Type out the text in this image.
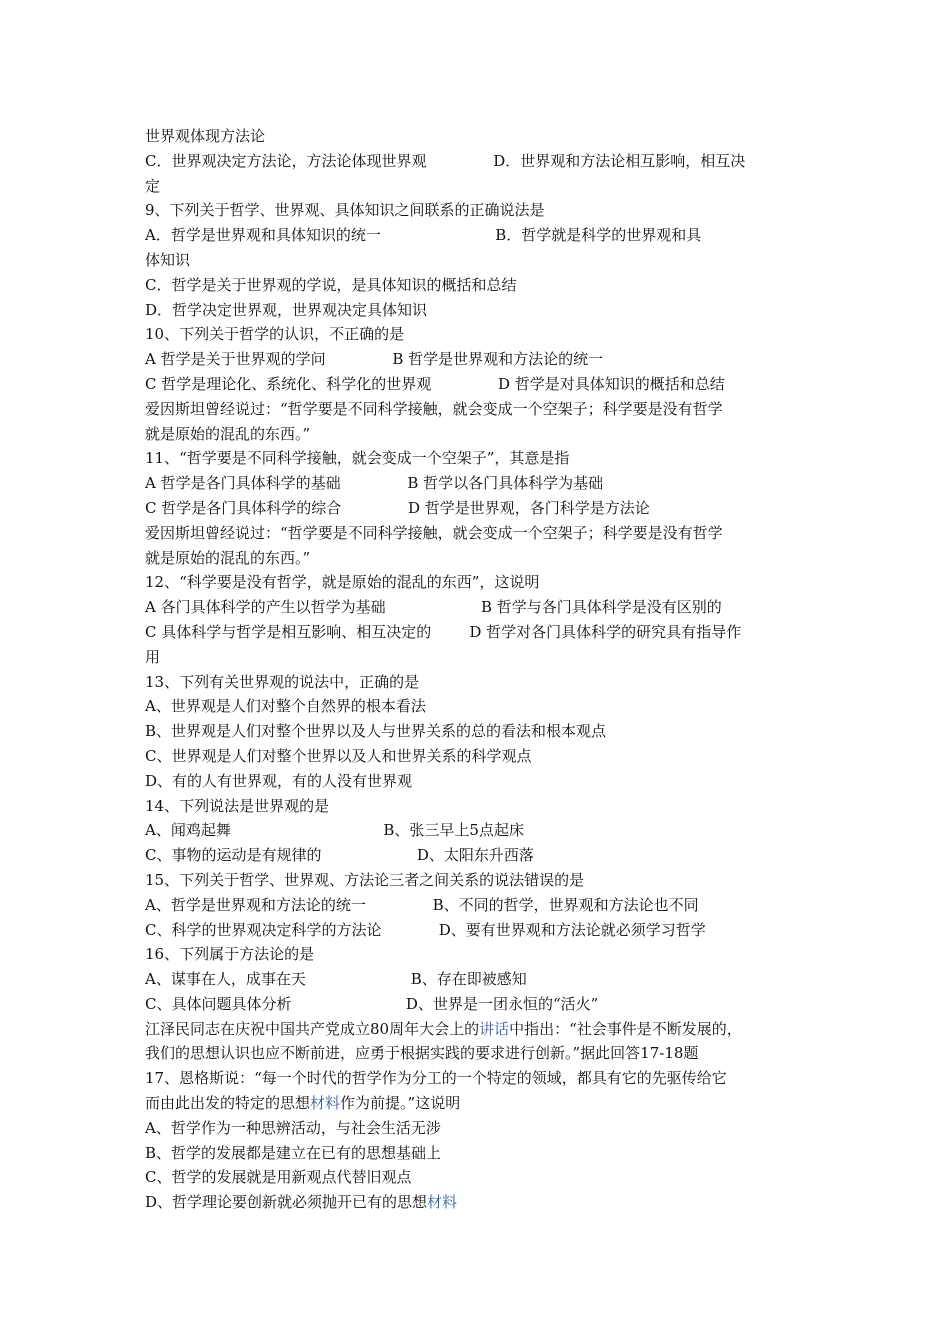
世界观体现方法论
C．世界观决定方法论，方法论体现世界观              D．世界观和方法论相互影响，相互决
定
9、下列关于哲学、世界观、具体知识之间联系的正确说法是
A．哲学是世界观和具体知识的统一                        B．哲学就是科学的世界观和具
体知识
C．哲学是关于世界观的学说，是具体知识的概括和总结
D．哲学决定世界观，世界观决定具体知识
10、下列关于哲学的认识，不正确的是
A 哲学是关于世界观的学问              B 哲学是世界观和方法论的统一
C 哲学是理论化、系统化、科学化的世界观              D 哲学是对具体知识的概括和总结
爱因斯坦曾经说过：“哲学要是不同科学接触，就会变成一个空架子；科学要是没有哲学
就是原始的混乱的东西。”
11、“哲学要是不同科学接触，就会变成一个空架子”，其意是指
A 哲学是各门具体科学的基础              B 哲学以各门具体科学为基础
C 哲学是各门具体科学的综合              D 哲学是世界观，各门科学是方法论
爱因斯坦曾经说过：“哲学要是不同科学接触，就会变成一个空架子；科学要是没有哲学
就是原始的混乱的东西。”
12、“科学要是没有哲学，就是原始的混乱的东西”，这说明
A 各门具体科学的产生以哲学为基础                    B 哲学与各门具体科学是没有区别的
C 具体科学与哲学是相互影响、相互决定的        D 哲学对各门具体科学的研究具有指导作
用
13、下列有关世界观的说法中，正确的是
A、世界观是人们对整个自然界的根本看法
B、世界观是人们对整个世界以及人与世界关系的总的看法和根本观点
C、世界观是人们对整个世界以及人和世界关系的科学观点
D、有的人有世界观，有的人没有世界观
14、下列说法是世界观的是
A、闻鸡起舞                                B、张三早上5点起床
C、事物的运动是有规律的                    D、太阳东升西落
15、下列关于哲学、世界观、方法论三者之间关系的说法错误的是
A、哲学是世界观和方法论的统一              B、不同的哲学，世界观和方法论也不同
C、科学的世界观决定科学的方法论            D、要有世界观和方法论就必须学习哲学
16、下列属于方法论的是
A、谋事在人，成事在天                      B、存在即被感知
C、具体问题具体分析                        D、世界是一团永恒的“活火”
江泽民同志在庆祝中国共产党成立80周年大会上的讲话中指出：“社会事件是不断发展的，
我们的思想认识也应不断前进，应勇于根据实践的要求进行创新。”据此回答17-18题
17、恩格斯说：“每一个时代的哲学作为分工的一个特定的领域，都具有它的先驱传给它
而由此出发的特定的思想材料作为前提。”这说明
A、哲学作为一种思辨活动，与社会生活无涉
B、哲学的发展都是建立在已有的思想基础上
C、哲学的发展就是用新观点代替旧观点
D、哲学理论要创新就必须抛开已有的思想材料
